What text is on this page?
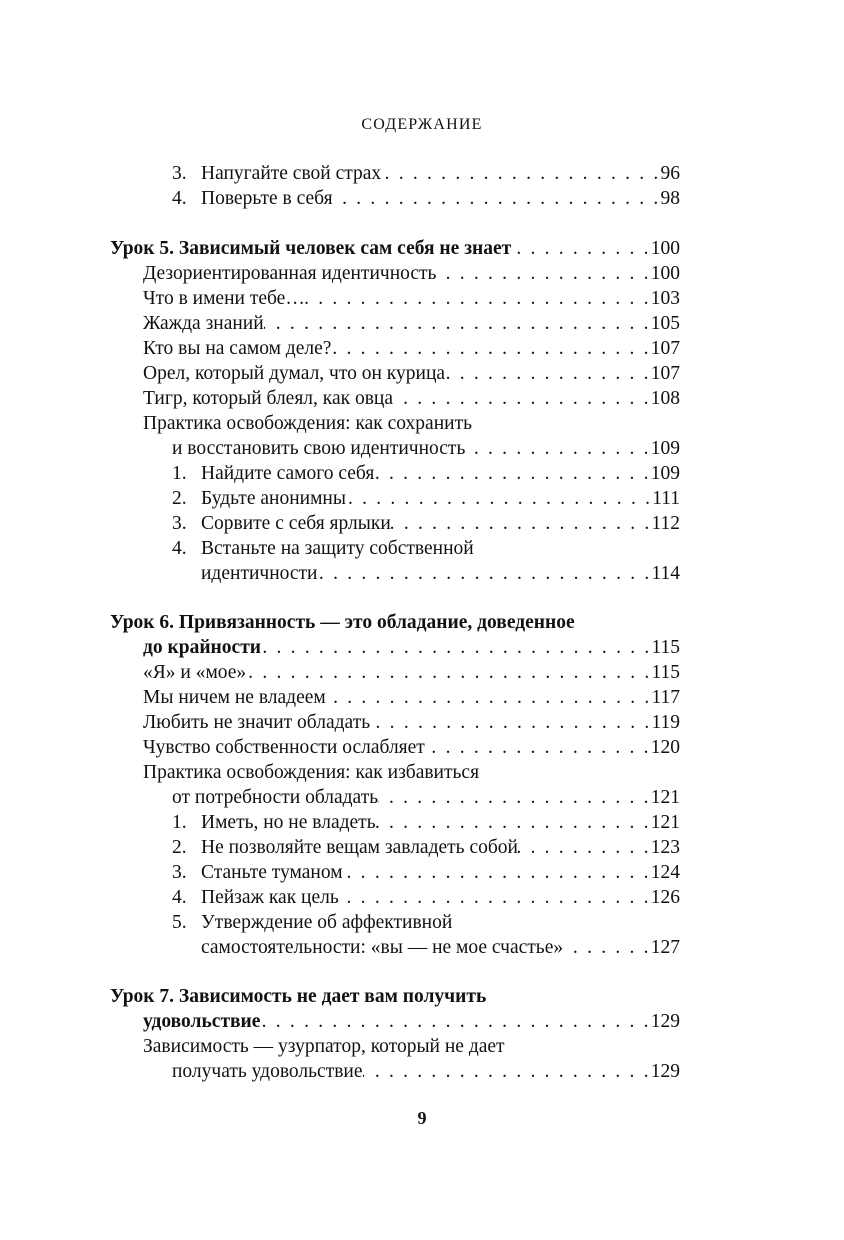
СОДЕРЖАНИЕ
3. Напугайте свой страх . . .	96
4. Поверьте в себя . . .	98
Урок 5. Зависимый человек сам себя не знает . . .	100
Дезориентированная идентичность . . .	100
Что в имени тебе… . . .	103
Жажда знаний . . .	105
Кто вы на самом деле? . . .	107
Орел, который думал, что он курица . . .	107
Тигр, который блеял, как овца . . .	108
Практика освобождения: как сохранить
и восстановить свою идентичность . . .	109
1. Найдите самого себя . . .	109
2. Будьте анонимны . . .	111
3. Сорвите с себя ярлыки . . .	112
4. Встаньте на защиту собственной
идентичности . . .	114
Урок 6. Привязанность — это обладание, доведенное
до крайности . . .	115
«Я» и «мое» . . .	115
Мы ничем не владеем . . .	117
Любить не значит обладать . . .	119
Чувство собственности ослабляет . . .	120
Практика освобождения: как избавиться
от потребности обладать . . .	121
1. Иметь, но не владеть . . .	121
2. Не позволяйте вещам завладеть собой . . .	123
3. Станьте туманом . . .	124
4. Пейзаж как цель . . .	126
5. Утверждение об аффективной
самостоятельности: «вы — не мое счастье» . . .	127
Урок 7. Зависимость не дает вам получить
удовольствие . . .	129
Зависимость — узурпатор, который не дает
получать удовольствие . . .	129
9
